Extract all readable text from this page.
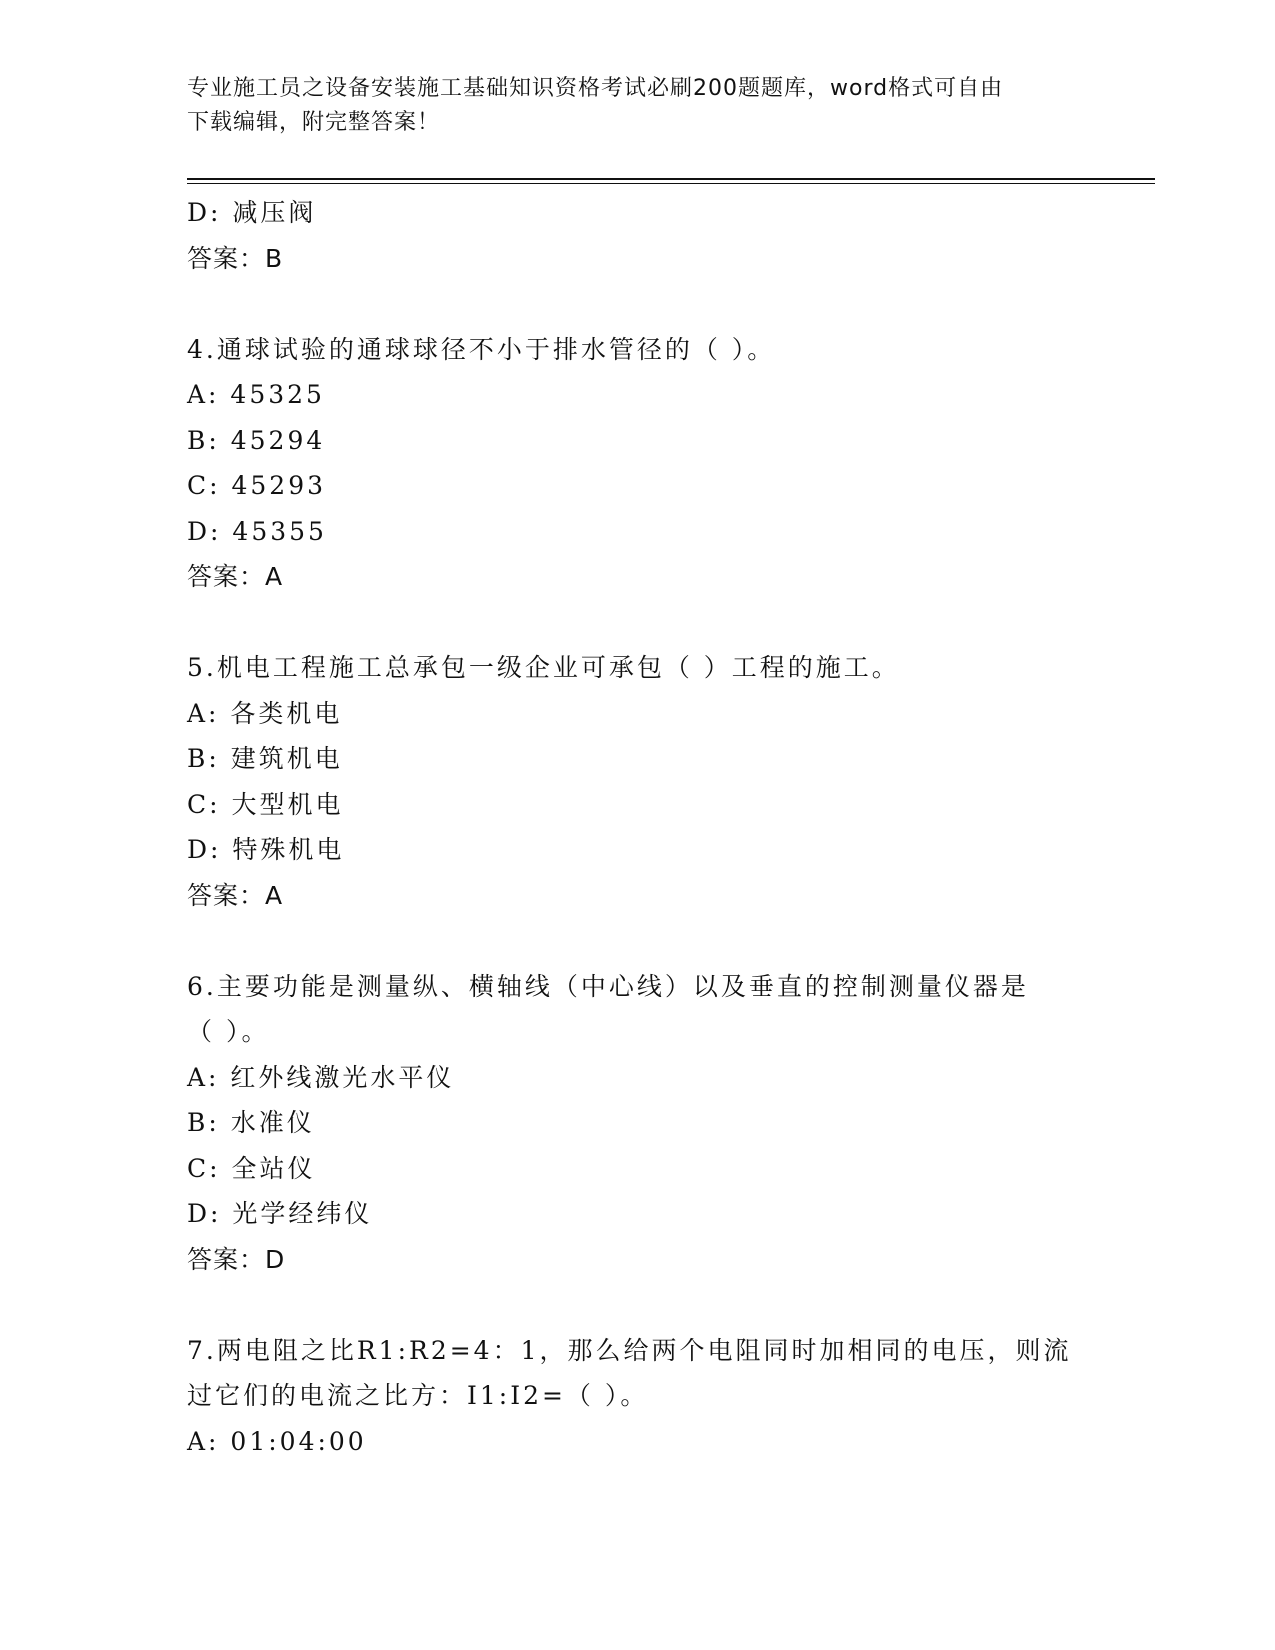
专业施工员之设备安装施工基础知识资格考试必刷200题题库，word格式可自由
下载编辑，附完整答案！
D: 减压阀
答案：B
4.通球试验的通球球径不小于排水管径的（ ）。
A: 45325
B: 45294
C: 45293
D: 45355
答案：A
5.机电工程施工总承包一级企业可承包（ ）工程的施工。
A: 各类机电
B: 建筑机电
C: 大型机电
D: 特殊机电
答案：A
6.主要功能是测量纵、横轴线（中心线）以及垂直的控制测量仪器是
（ ）。
A: 红外线激光水平仪
B: 水准仪
C: 全站仪
D: 光学经纬仪
答案：D
7.两电阻之比R1:R2=4：1，那么给两个电阻同时加相同的电压，则流
过它们的电流之比方：I1:I2=（ ）。
A: 01:04:00
